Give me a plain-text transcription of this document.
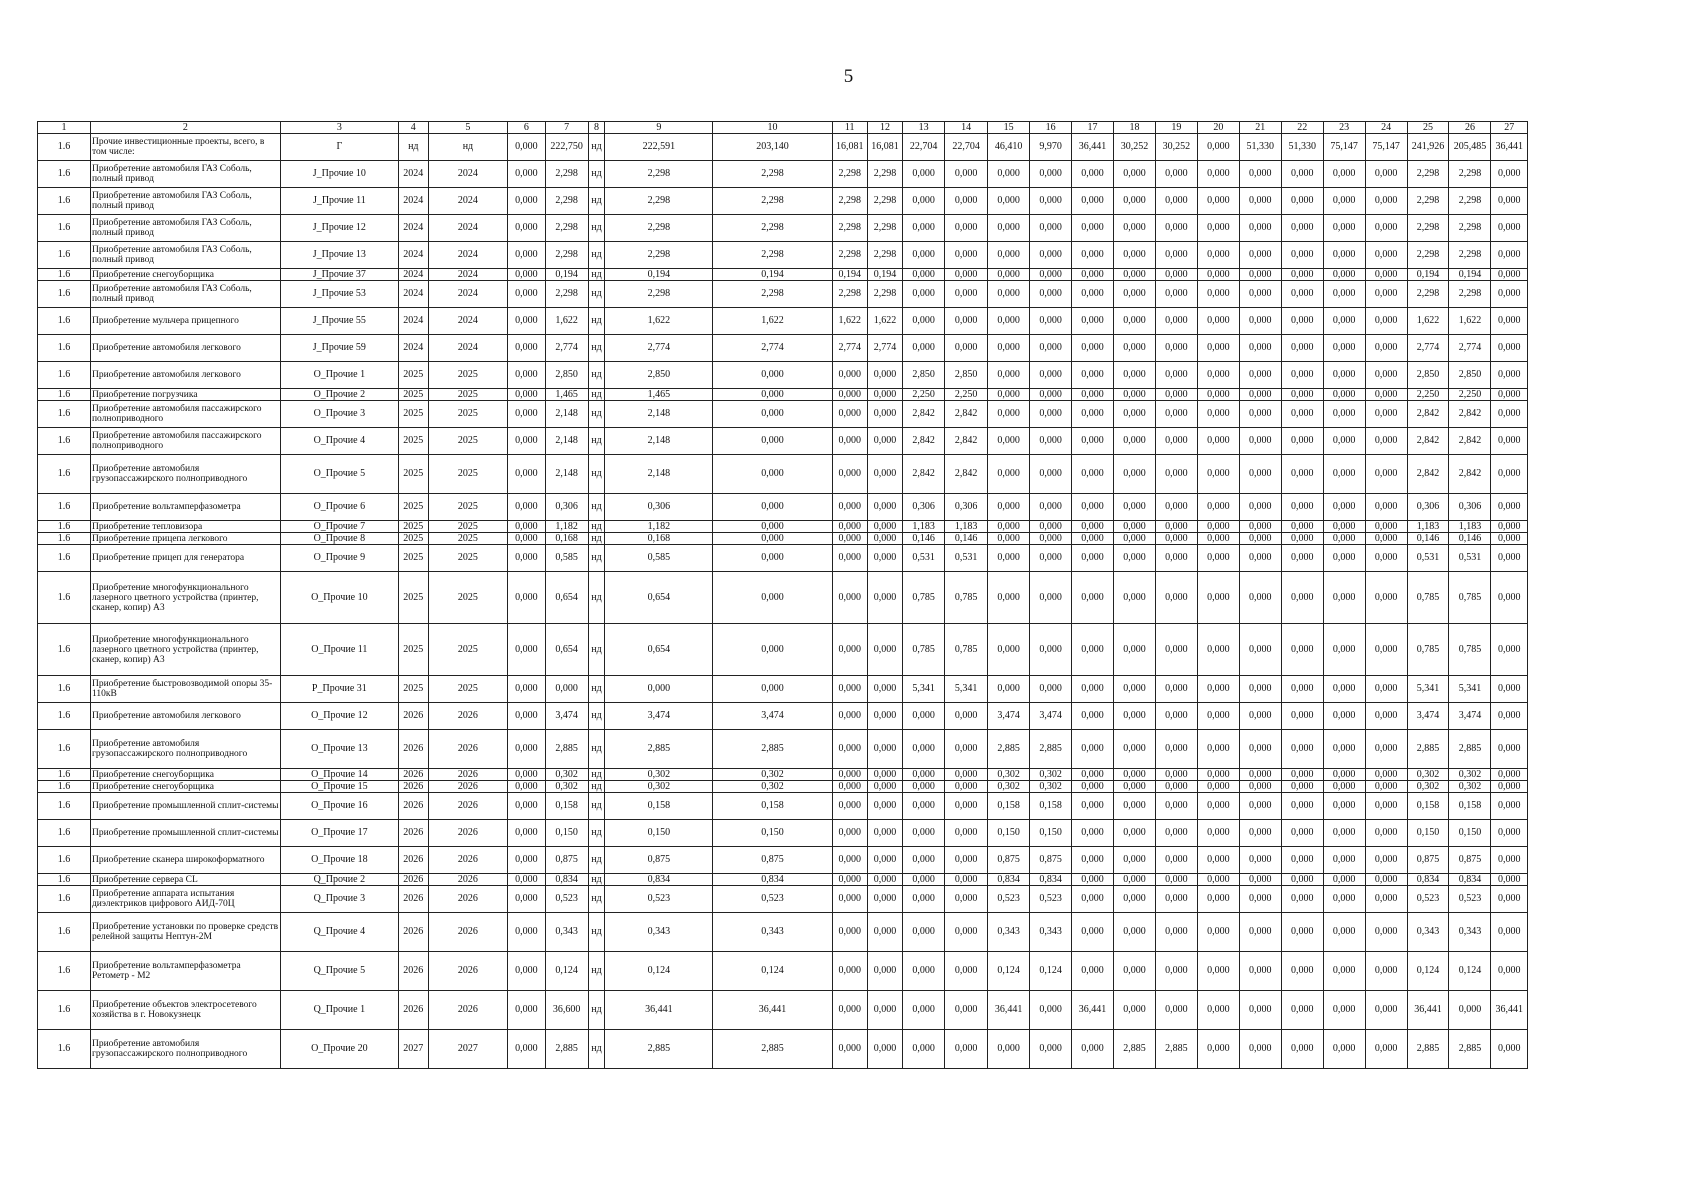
5
1	2	3	4	5	6	7	8	9	10	11	12	13	14	15	16	17	18	19	20	21	22	23	24	25	26	27
1.6	Прочие инвестиционные проекты, всего, в том числе:	Г	нд	нд	0,000	222,750	нд	222,591	203,140	16,081	16,081	22,704	22,704	46,410	9,970	36,441	30,252	30,252	0,000	51,330	51,330	75,147	75,147	241,926	205,485	36,441
1.6	Приобретение автомобиля ГАЗ Соболь, полный привод	J_Прочие 10	2024	2024	0,000	2,298	нд	2,298	2,298	2,298	2,298	0,000	0,000	0,000	0,000	0,000	0,000	0,000	0,000	0,000	0,000	0,000	0,000	2,298	2,298	0,000
1.6	Приобретение автомобиля ГАЗ Соболь, полный привод	J_Прочие 11	2024	2024	0,000	2,298	нд	2,298	2,298	2,298	2,298	0,000	0,000	0,000	0,000	0,000	0,000	0,000	0,000	0,000	0,000	0,000	0,000	2,298	2,298	0,000
1.6	Приобретение автомобиля ГАЗ Соболь, полный привод	J_Прочие 12	2024	2024	0,000	2,298	нд	2,298	2,298	2,298	2,298	0,000	0,000	0,000	0,000	0,000	0,000	0,000	0,000	0,000	0,000	0,000	0,000	2,298	2,298	0,000
1.6	Приобретение автомобиля ГАЗ Соболь, полный привод	J_Прочие 13	2024	2024	0,000	2,298	нд	2,298	2,298	2,298	2,298	0,000	0,000	0,000	0,000	0,000	0,000	0,000	0,000	0,000	0,000	0,000	0,000	2,298	2,298	0,000
1.6	Приобретение снегоуборщика	J_Прочие 37	2024	2024	0,000	0,194	нд	0,194	0,194	0,194	0,194	0,000	0,000	0,000	0,000	0,000	0,000	0,000	0,000	0,000	0,000	0,000	0,000	0,194	0,194	0,000
1.6	Приобретение автомобиля ГАЗ Соболь, полный привод	J_Прочие 53	2024	2024	0,000	2,298	нд	2,298	2,298	2,298	2,298	0,000	0,000	0,000	0,000	0,000	0,000	0,000	0,000	0,000	0,000	0,000	0,000	2,298	2,298	0,000
1.6	Приобретение мульчера прицепного	J_Прочие 55	2024	2024	0,000	1,622	нд	1,622	1,622	1,622	1,622	0,000	0,000	0,000	0,000	0,000	0,000	0,000	0,000	0,000	0,000	0,000	0,000	1,622	1,622	0,000
1.6	Приобретение автомобиля легкового	J_Прочие 59	2024	2024	0,000	2,774	нд	2,774	2,774	2,774	2,774	0,000	0,000	0,000	0,000	0,000	0,000	0,000	0,000	0,000	0,000	0,000	0,000	2,774	2,774	0,000
1.6	Приобретение автомобиля легкового	O_Прочие 1	2025	2025	0,000	2,850	нд	2,850	0,000	0,000	0,000	2,850	2,850	0,000	0,000	0,000	0,000	0,000	0,000	0,000	0,000	0,000	0,000	2,850	2,850	0,000
1.6	Приобретение погрузчика	O_Прочие 2	2025	2025	0,000	1,465	нд	1,465	0,000	0,000	0,000	2,250	2,250	0,000	0,000	0,000	0,000	0,000	0,000	0,000	0,000	0,000	0,000	2,250	2,250	0,000
1.6	Приобретение автомобиля пассажирского полноприводного	O_Прочие 3	2025	2025	0,000	2,148	нд	2,148	0,000	0,000	0,000	2,842	2,842	0,000	0,000	0,000	0,000	0,000	0,000	0,000	0,000	0,000	0,000	2,842	2,842	0,000
1.6	Приобретение автомобиля пассажирского полноприводного	O_Прочие 4	2025	2025	0,000	2,148	нд	2,148	0,000	0,000	0,000	2,842	2,842	0,000	0,000	0,000	0,000	0,000	0,000	0,000	0,000	0,000	0,000	2,842	2,842	0,000
1.6	Приобретение автомобиля грузопассажирского полноприводного	O_Прочие 5	2025	2025	0,000	2,148	нд	2,148	0,000	0,000	0,000	2,842	2,842	0,000	0,000	0,000	0,000	0,000	0,000	0,000	0,000	0,000	0,000	2,842	2,842	0,000
1.6	Приобретение вольтамперфазометра	O_Прочие 6	2025	2025	0,000	0,306	нд	0,306	0,000	0,000	0,000	0,306	0,306	0,000	0,000	0,000	0,000	0,000	0,000	0,000	0,000	0,000	0,000	0,306	0,306	0,000
1.6	Приобретение тепловизора	O_Прочие 7	2025	2025	0,000	1,182	нд	1,182	0,000	0,000	0,000	1,183	1,183	0,000	0,000	0,000	0,000	0,000	0,000	0,000	0,000	0,000	0,000	1,183	1,183	0,000
1.6	Приобретение прицепа легкового	O_Прочие 8	2025	2025	0,000	0,168	нд	0,168	0,000	0,000	0,000	0,146	0,146	0,000	0,000	0,000	0,000	0,000	0,000	0,000	0,000	0,000	0,000	0,146	0,146	0,000
1.6	Приобретение прицеп для генератора	O_Прочие 9	2025	2025	0,000	0,585	нд	0,585	0,000	0,000	0,000	0,531	0,531	0,000	0,000	0,000	0,000	0,000	0,000	0,000	0,000	0,000	0,000	0,531	0,531	0,000
1.6	Приобретение многофункционального лазерного цветного устройства (принтер, сканер, копир) А3	O_Прочие 10	2025	2025	0,000	0,654	нд	0,654	0,000	0,000	0,000	0,785	0,785	0,000	0,000	0,000	0,000	0,000	0,000	0,000	0,000	0,000	0,000	0,785	0,785	0,000
1.6	Приобретение многофункционального лазерного цветного устройства (принтер, сканер, копир) А3	O_Прочие 11	2025	2025	0,000	0,654	нд	0,654	0,000	0,000	0,000	0,785	0,785	0,000	0,000	0,000	0,000	0,000	0,000	0,000	0,000	0,000	0,000	0,785	0,785	0,000
1.6	Приобретение быстровозводимой опоры 35-110кВ	P_Прочие 31	2025	2025	0,000	0,000	нд	0,000	0,000	0,000	0,000	5,341	5,341	0,000	0,000	0,000	0,000	0,000	0,000	0,000	0,000	0,000	0,000	5,341	5,341	0,000
1.6	Приобретение автомобиля легкового	O_Прочие 12	2026	2026	0,000	3,474	нд	3,474	3,474	0,000	0,000	0,000	0,000	3,474	3,474	0,000	0,000	0,000	0,000	0,000	0,000	0,000	0,000	3,474	3,474	0,000
1.6	Приобретение автомобиля грузопассажирского полноприводного	O_Прочие 13	2026	2026	0,000	2,885	нд	2,885	2,885	0,000	0,000	0,000	0,000	2,885	2,885	0,000	0,000	0,000	0,000	0,000	0,000	0,000	0,000	2,885	2,885	0,000
1.6	Приобретение снегоуборщика	O_Прочие 14	2026	2026	0,000	0,302	нд	0,302	0,302	0,000	0,000	0,000	0,000	0,302	0,302	0,000	0,000	0,000	0,000	0,000	0,000	0,000	0,000	0,302	0,302	0,000
1.6	Приобретение снегоуборщика	O_Прочие 15	2026	2026	0,000	0,302	нд	0,302	0,302	0,000	0,000	0,000	0,000	0,302	0,302	0,000	0,000	0,000	0,000	0,000	0,000	0,000	0,000	0,302	0,302	0,000
1.6	Приобретение промышленной сплит-системы	O_Прочие 16	2026	2026	0,000	0,158	нд	0,158	0,158	0,000	0,000	0,000	0,000	0,158	0,158	0,000	0,000	0,000	0,000	0,000	0,000	0,000	0,000	0,158	0,158	0,000
1.6	Приобретение промышленной сплит-системы	O_Прочие 17	2026	2026	0,000	0,150	нд	0,150	0,150	0,000	0,000	0,000	0,000	0,150	0,150	0,000	0,000	0,000	0,000	0,000	0,000	0,000	0,000	0,150	0,150	0,000
1.6	Приобретение сканера широкоформатного	O_Прочие 18	2026	2026	0,000	0,875	нд	0,875	0,875	0,000	0,000	0,000	0,000	0,875	0,875	0,000	0,000	0,000	0,000	0,000	0,000	0,000	0,000	0,875	0,875	0,000
1.6	Приобретение сервера CL	Q_Прочие 2	2026	2026	0,000	0,834	нд	0,834	0,834	0,000	0,000	0,000	0,000	0,834	0,834	0,000	0,000	0,000	0,000	0,000	0,000	0,000	0,000	0,834	0,834	0,000
1.6	Приобретение аппарата испытания диэлектриков цифрового АИД-70Ц	Q_Прочие 3	2026	2026	0,000	0,523	нд	0,523	0,523	0,000	0,000	0,000	0,000	0,523	0,523	0,000	0,000	0,000	0,000	0,000	0,000	0,000	0,000	0,523	0,523	0,000
1.6	Приобретение установки по проверке средств релейной защиты Нептун-2М	Q_Прочие 4	2026	2026	0,000	0,343	нд	0,343	0,343	0,000	0,000	0,000	0,000	0,343	0,343	0,000	0,000	0,000	0,000	0,000	0,000	0,000	0,000	0,343	0,343	0,000
1.6	Приобретение вольтамперфазометра Ретометр - М2	Q_Прочие 5	2026	2026	0,000	0,124	нд	0,124	0,124	0,000	0,000	0,000	0,000	0,124	0,124	0,000	0,000	0,000	0,000	0,000	0,000	0,000	0,000	0,124	0,124	0,000
1.6	Приобретение объектов электросетевого хозяйства в г. Новокузнецк	Q_Прочие 1	2026	2026	0,000	36,600	нд	36,441	36,441	0,000	0,000	0,000	0,000	36,441	0,000	36,441	0,000	0,000	0,000	0,000	0,000	0,000	0,000	36,441	0,000	36,441
1.6	Приобретение автомобиля грузопассажирского полноприводного	O_Прочие 20	2027	2027	0,000	2,885	нд	2,885	2,885	0,000	0,000	0,000	0,000	0,000	0,000	0,000	2,885	2,885	0,000	0,000	0,000	0,000	0,000	2,885	2,885	0,000
